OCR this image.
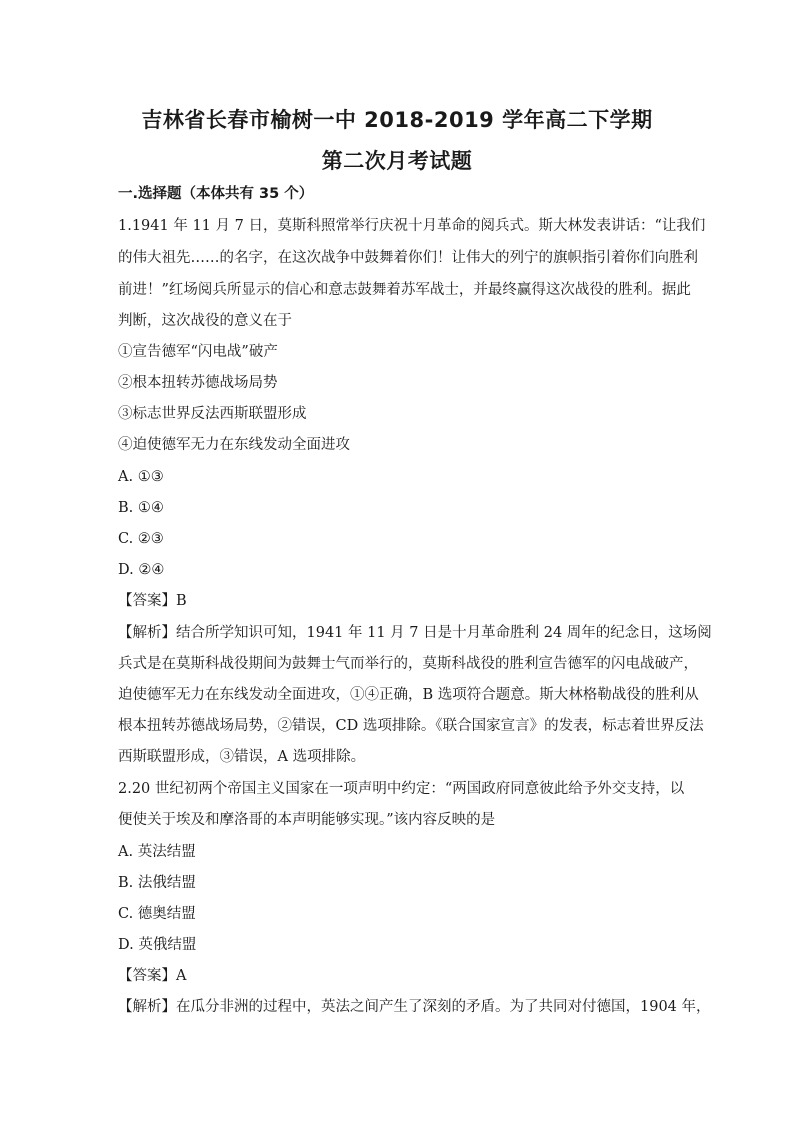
吉林省长春市榆树一中 2018-2019 学年高二下学期
第二次月考试题
一.选择题（本体共有 35 个）
1.1941 年 11 月 7 日，莫斯科照常举行庆祝十月革命的阅兵式。斯大林发表讲话：“让我们
的伟大祖先……的名字，在这次战争中鼓舞着你们！让伟大的列宁的旗帜指引着你们向胜利
前进！”红场阅兵所显示的信心和意志鼓舞着苏军战士，并最终赢得这次战役的胜利。据此
判断，这次战役的意义在于
①宣告德军“闪电战”破产
②根本扭转苏德战场局势
③标志世界反法西斯联盟形成
④迫使德军无力在东线发动全面进攻
A. ①③
B. ①④
C. ②③
D. ②④
【答案】B
【解析】结合所学知识可知，1941 年 11 月 7 日是十月革命胜利 24 周年的纪念日，这场阅
兵式是在莫斯科战役期间为鼓舞士气而举行的，莫斯科战役的胜利宣告德军的闪电战破产，
迫使德军无力在东线发动全面进攻，①④正确，B 选项符合题意。斯大林格勒战役的胜利从
根本扭转苏德战场局势，②错误，CD 选项排除。《联合国家宣言》的发表，标志着世界反法
西斯联盟形成，③错误，A 选项排除。
2.20 世纪初两个帝国主义国家在一项声明中约定：“两国政府同意彼此给予外交支持，以
便使关于埃及和摩洛哥的本声明能够实现。”该内容反映的是
A. 英法结盟
B. 法俄结盟
C. 德奥结盟
D. 英俄结盟
【答案】A
【解析】在瓜分非洲的过程中，英法之间产生了深刻的矛盾。为了共同对付德国，1904 年，
